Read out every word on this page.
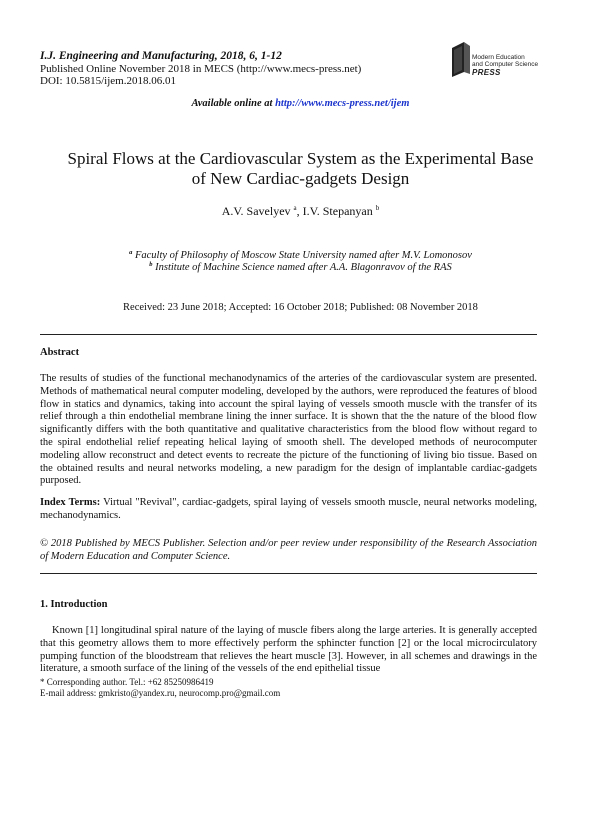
I.J. Engineering and Manufacturing, 2018, 6, 1-12
Published Online November 2018 in MECS (http://www.mecs-press.net)
DOI: 10.5815/ijem.2018.06.01
Modern Education
and Computer Science
PRESS
Available online at http://www.mecs-press.net/ijem
Spiral Flows at the Cardiovascular System as the Experimental Base
of New Cardiac-gadgets Design
A.V. Savelyev $^a$, I.V. Stepanyan $^b$
$^a$ Faculty of Philosophy of Moscow State University named after M.V. Lomonosov
$^b$ Institute of Machine Science named after A.A. Blagonravov of the RAS
Received: 23 June 2018; Accepted: 16 October 2018; Published: 08 November 2018
Abstract
The results of studies of the functional mechanodynamics of the arteries of the cardiovascular system are presented. Methods of mathematical neural computer modeling, developed by the authors, were reproduced the features of blood flow in statics and dynamics, taking into account the spiral laying of vessels smooth muscle with the transfer of its relief through a thin endothelial membrane lining the inner surface. It is shown that the the nature of the blood flow significantly differs with the both quantitative and qualitative characteristics from the blood flow without regard to the spiral endothelial relief repeating helical laying of smooth shell. The developed methods of neurocomputer modeling allow reconstruct and detect events to recreate the picture of the functioning of living bio tissue. Based on the obtained results and neural networks modeling, a new paradigm for the design of implantable cardiac-gadgets purposed.
Index Terms: Virtual "Revival", cardiac-gadgets, spiral laying of vessels smooth muscle, neural networks modeling, mechanodynamics.
© 2018 Published by MECS Publisher. Selection and/or peer review under responsibility of the Research Association of Modern Education and Computer Science.
1. Introduction
Known [1] longitudinal spiral nature of the laying of muscle fibers along the large arteries. It is generally accepted that this geometry allows them to more effectively perform the sphincter function [2] or the local microcirculatory pumping function of the bloodstream that relieves the heart muscle [3]. However, in all schemes and drawings in the literature, a smooth surface of the lining of the vessels of the end epithelial tissue
* Corresponding author. Tel.: +62 85250986419
E-mail address: gmkristo@yandex.ru, neurocomp.pro@gmail.com
